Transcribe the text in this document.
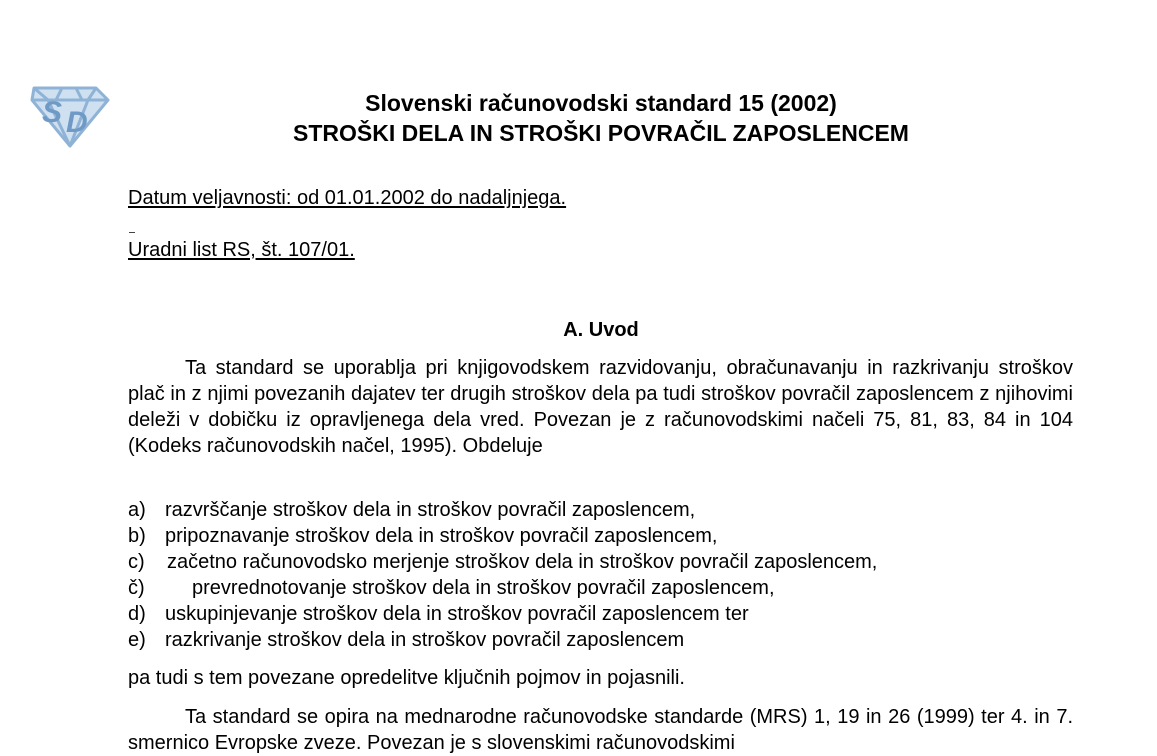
S D
Slovenski računovodski standard 15 (2002)
STROŠKI DELA IN STROŠKI POVRAČIL ZAPOSLENCEM

Datum veljavnosti: od 01.01.2002 do nadaljnjega.

Uradni list RS, št. 107/01.

A. Uvod

Ta standard se uporablja pri knjigovodskem razvidovanju, obračunavanju in razkrivanju stroškov plač in z njimi povezanih dajatev ter drugih stroškov dela pa tudi stroškov povračil zaposlencem z njihovimi deleži v dobičku iz opravljenega dela vred. Povezan je z računovodskimi načeli 75, 81, 83, 84 in 104 (Kodeks računovodskih načel, 1995). Obdeluje

a) razvrščanje stroškov dela in stroškov povračil zaposlencem,
b) pripoznavanje stroškov dela in stroškov povračil zaposlencem,
c)	začetno računovodsko merjenje stroškov dela in stroškov povračil zaposlencem,
č)	prevrednotovanje stroškov dela in stroškov povračil zaposlencem,
d) uskupinjevanje stroškov dela in stroškov povračil zaposlencem ter
e) razkrivanje stroškov dela in stroškov povračil zaposlencem

pa tudi s tem povezane opredelitve ključnih pojmov in pojasnili.

Ta standard se opira na mednarodne računovodske standarde (MRS) 1, 19 in 26 (1999) ter 4. in 7. smernico Evropske zveze. Povezan je s slovenskimi računovodskimi
